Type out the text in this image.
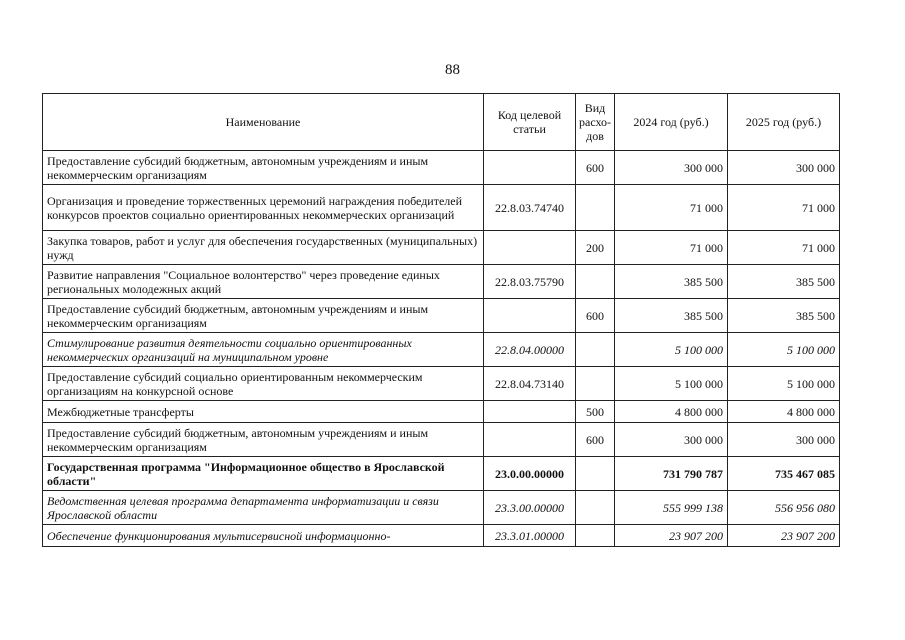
88
Наименование	Код целевой статьи	Вид расхо-дов	2024 год (руб.)	2025 год (руб.)
Предоставление субсидий бюджетным, автономным учреждениям и иным некоммерческим организациям		600	300 000	300 000
Организация и проведение торжественных церемоний награждения победителей конкурсов проектов социально ориентированных некоммерческих организаций	22.8.03.74740		71 000	71 000
Закупка товаров, работ и услуг для обеспечения государственных (муниципальных) нужд		200	71 000	71 000
Развитие направления "Социальное волонтерство" через проведение единых региональных молодежных акций	22.8.03.75790		385 500	385 500
Предоставление субсидий бюджетным, автономным учреждениям и иным некоммерческим организациям		600	385 500	385 500
Стимулирование развития деятельности социально ориентированных некоммерческих организаций на муниципальном уровне	22.8.04.00000		5 100 000	5 100 000
Предоставление субсидий социально ориентированным некоммерческим организациям на конкурсной основе	22.8.04.73140		5 100 000	5 100 000
Межбюджетные трансферты		500	4 800 000	4 800 000
Предоставление субсидий бюджетным, автономным учреждениям и иным некоммерческим организациям		600	300 000	300 000
Государственная программа "Информационное общество в Ярославской области"	23.0.00.00000		731 790 787	735 467 085
Ведомственная целевая программа департамента информатизации и связи Ярославской области	23.3.00.00000		555 999 138	556 956 080
Обеспечение функционирования мультисервисной информационно-	23.3.01.00000		23 907 200	23 907 200
